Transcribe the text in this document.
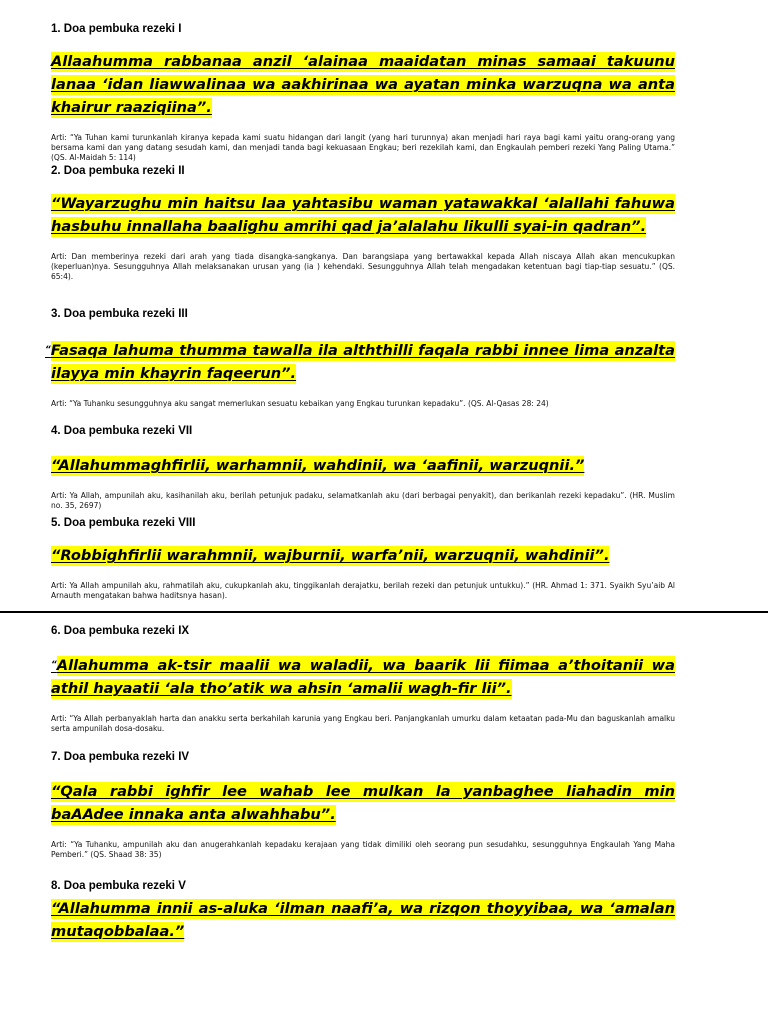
1. Doa pembuka rezeki I

Allaahumma rabbanaa anzil ‘alainaa maaidatan minas samaai takuunu lanaa ‘idan liawwalinaa wa aakhirinaa wa ayatan minka warzuqna wa anta khairur raaziqiina”.

Arti: “Ya Tuhan kami turunkanlah kiranya kepada kami suatu hidangan dari langit (yang hari turunnya) akan menjadi hari raya bagi kami yaitu orang-orang yang bersama kami dan yang datang sesudah kami, dan menjadi tanda bagi kekuasaan Engkau; beri rezekilah kami, dan Engkaulah pemberi rezeki Yang Paling Utama.” (QS. Al-Maidah 5: 114)

2. Doa pembuka rezeki II

“Wayarzughu min haitsu laa yahtasibu waman yatawakkal ‘alallahi fahuwa hasbuhu innallaha baalighu amrihi qad ja’alalahu likulli syai-in qadran”.

Arti: Dan memberinya rezeki dari arah yang tiada disangka-sangkanya. Dan barangsiapa yang bertawakkal kepada Allah niscaya Allah akan mencukupkan (keperluan)nya. Sesungguhnya Allah melaksanakan urusan yang (ia ) kehendaki. Sesungguhnya Allah telah mengadakan ketentuan bagi tiap-tiap sesuatu.” (QS. 65:4).

3. Doa pembuka rezeki III

“Fasaqa lahuma thumma tawalla ila alththilli faqala rabbi innee lima anzalta ilayya min khayrin faqeerun”.

Arti: “Ya Tuhanku sesungguhnya aku sangat memerlukan sesuatu kebaikan yang Engkau turunkan kepadaku”. (QS. Al-Qasas 28: 24)

4. Doa pembuka rezeki VII

“Allahummaghfirlii, warhamnii, wahdinii, wa ‘aafinii, warzuqnii.”

Arti: Ya Allah, ampunilah aku, kasihanilah aku, berilah petunjuk padaku, selamatkanlah aku (dari berbagai penyakit), dan berikanlah rezeki kepadaku”. (HR. Muslim no. 35, 2697)

5. Doa pembuka rezeki VIII

“Robbighfirlii warahmnii, wajburnii, warfa’nii, warzuqnii, wahdinii”.

Arti: Ya Allah ampunilah aku, rahmatilah aku, cukupkanlah aku, tinggikanlah derajatku, berilah rezeki dan petunjuk untukku).” (HR. Ahmad 1: 371. Syaikh Syu’aib Al Arnauth mengatakan bahwa haditsnya hasan).

6. Doa pembuka rezeki IX

“Allahumma ak-tsir maalii wa waladii, wa baarik lii fiimaa a’thoitanii wa athil hayaatii ‘ala tho’atik wa ahsin ‘amalii wagh-fir lii”.

Arti: “Ya Allah perbanyaklah harta dan anakku serta berkahilah karunia yang Engkau beri. Panjangkanlah umurku dalam ketaatan pada-Mu dan baguskanlah amalku serta ampunilah dosa-dosaku.

7. Doa pembuka rezeki IV

“Qala rabbi ighfir lee wahab lee mulkan la yanbaghee liahadin min baAAdee innaka anta alwahhabu”.

Arti: “Ya Tuhanku, ampunilah aku dan anugerahkanlah kepadaku kerajaan yang tidak dimiliki oleh seorang pun sesudahku, sesungguhnya Engkaulah Yang Maha Pemberi.” (QS. Shaad 38: 35)

8. Doa pembuka rezeki V

“Allahumma innii as-aluka ‘ilman naafi’a, wa rizqon thoyyibaa, wa ‘amalan mutaqobbalaa.”
